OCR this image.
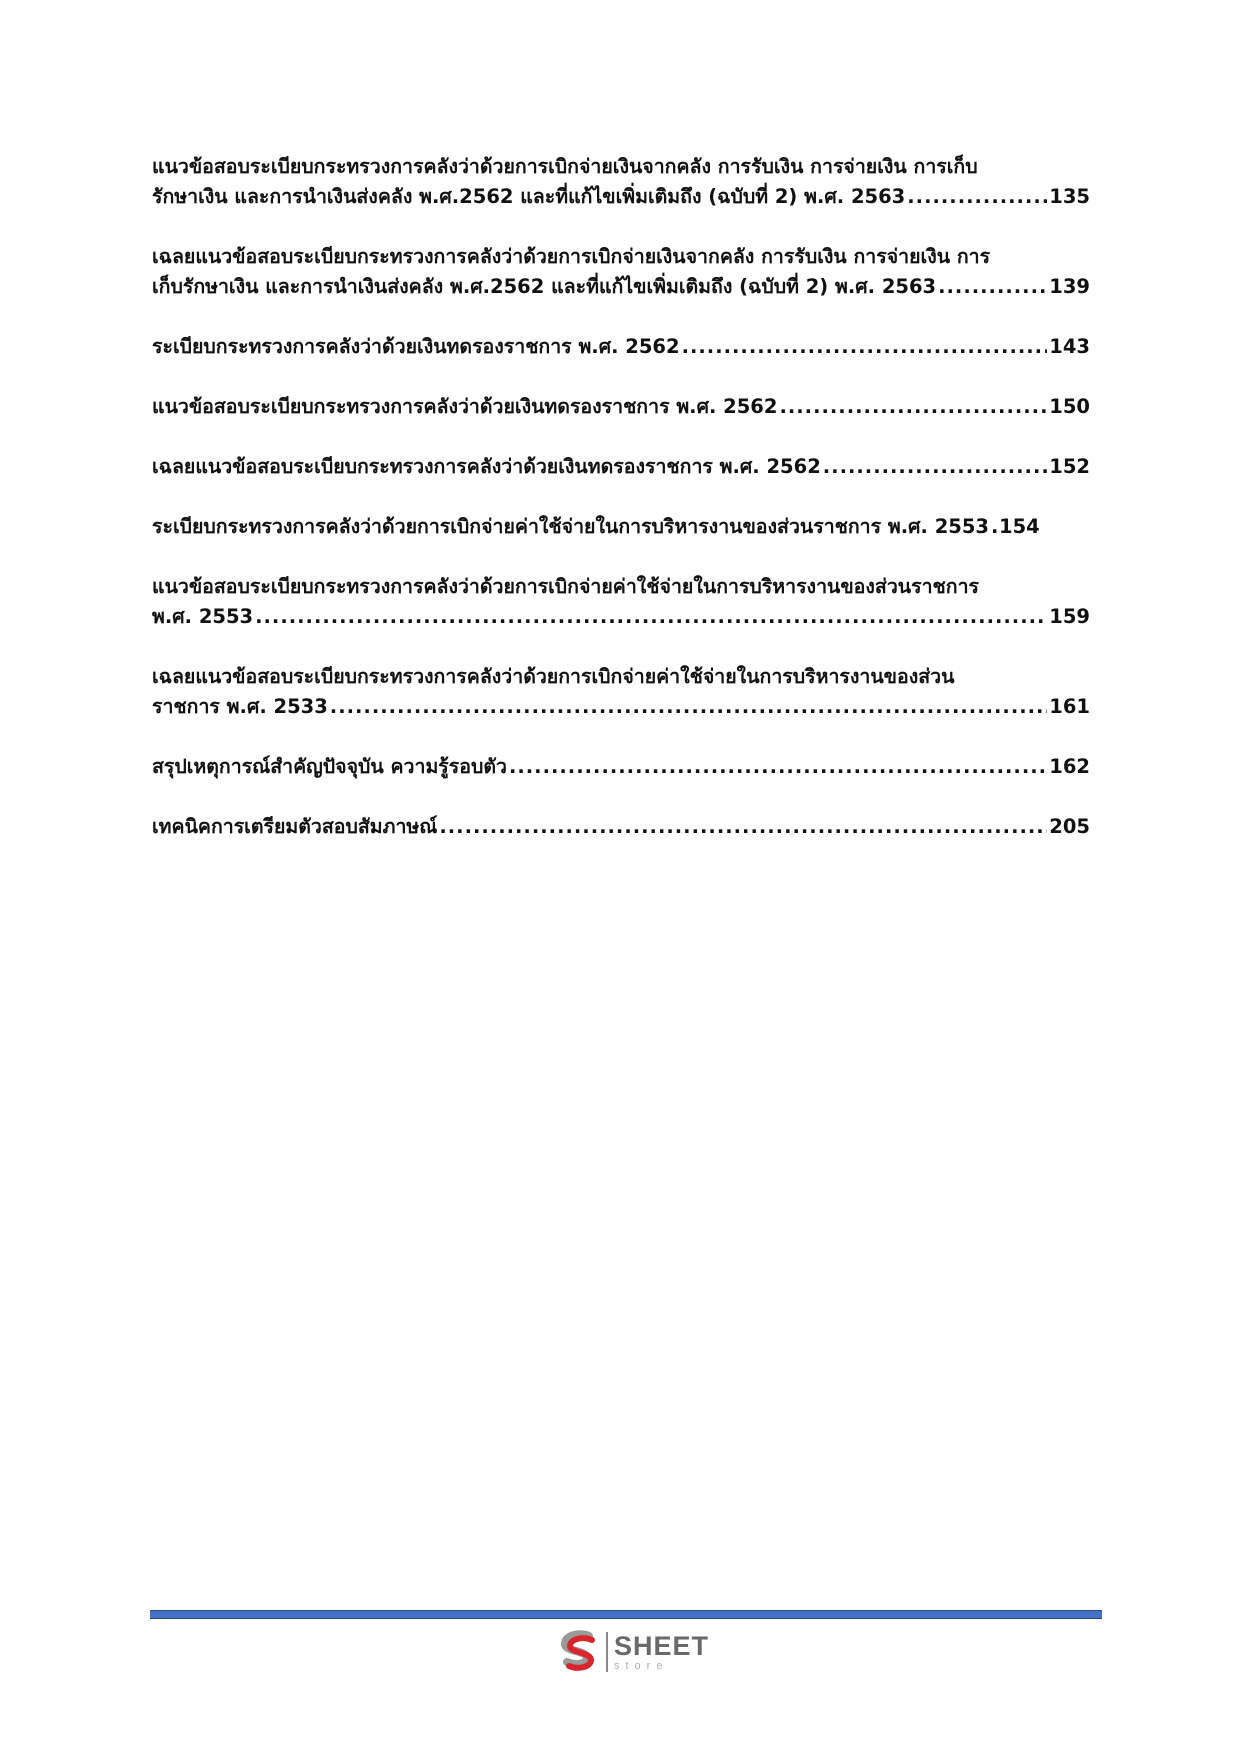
แนวข้อสอบระเบียบกระทรวงการคลังว่าด้วยการเบิกจ่ายเงินจากคลัง การรับเงิน การจ่ายเงิน การเก็บ
รักษาเงิน และการนำเงินส่งคลัง พ.ศ.2562 และที่แก้ไขเพิ่มเติมถึง (ฉบับที่ 2) พ.ศ. 2563 .....	135
เฉลยแนวข้อสอบระเบียบกระทรวงการคลังว่าด้วยการเบิกจ่ายเงินจากคลัง การรับเงิน การจ่ายเงิน การ
เก็บรักษาเงิน และการนำเงินส่งคลัง พ.ศ.2562 และที่แก้ไขเพิ่มเติมถึง (ฉบับที่ 2) พ.ศ. 2563 .....	139
ระเบียบกระทรวงการคลังว่าด้วยเงินทดรองราชการ พ.ศ. 2562 .....	143
แนวข้อสอบระเบียบกระทรวงการคลังว่าด้วยเงินทดรองราชการ พ.ศ. 2562 .....	150
เฉลยแนวข้อสอบระเบียบกระทรวงการคลังว่าด้วยเงินทดรองราชการ พ.ศ. 2562 .....	152
ระเบียบกระทรวงการคลังว่าด้วยการเบิกจ่ายค่าใช้จ่ายในการบริหารงานของส่วนราชการ พ.ศ. 2553 ..... 154
แนวข้อสอบระเบียบกระทรวงการคลังว่าด้วยการเบิกจ่ายค่าใช้จ่ายในการบริหารงานของส่วนราชการ
พ.ศ. 2553 .....	159
เฉลยแนวข้อสอบระเบียบกระทรวงการคลังว่าด้วยการเบิกจ่ายค่าใช้จ่ายในการบริหารงานของส่วน
ราชการ พ.ศ. 2533 .....	161
สรุปเหตุการณ์สำคัญปัจจุบัน ความรู้รอบตัว .....	162
เทคนิคการเตรียมตัวสอบสัมภาษณ์ .....	205
SHEET
store
